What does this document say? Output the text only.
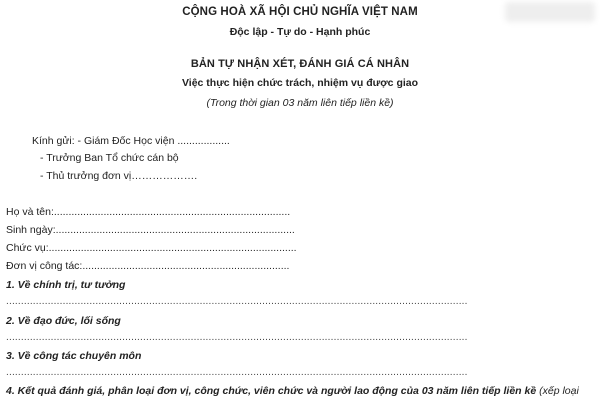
CỘNG HOÀ XÃ HỘI CHỦ NGHĨA VIỆT NAM
Độc lập - Tự do - Hạnh phúc
BẢN TỰ NHẬN XÉT, ĐÁNH GIÁ CÁ NHÂN
Việc thực hiện chức trách, nhiệm vụ được giao
(Trong thời gian 03 năm liên tiếp liền kề)
Kính gửi: - Giám Đốc Học viện ..................
- Trưởng Ban Tổ chức cán bộ
- Thủ trưởng đơn vị……………….
Họ và tên:.................................................................................
Sinh ngày:..................................................................................
Chức vụ:.....................................................................................
Đơn vị công tác:.......................................................................
1. Về chính trị, tư tưởng
...........................................................................................................................................................
2. Về đạo đức, lối sống
...........................................................................................................................................................
3. Về công tác chuyên môn
...........................................................................................................................................................
4. Kết quả đánh giá, phân loại đơn vị, công chức, viên chức và người lao động của 03 năm liên tiếp liền kề (xếp loại
